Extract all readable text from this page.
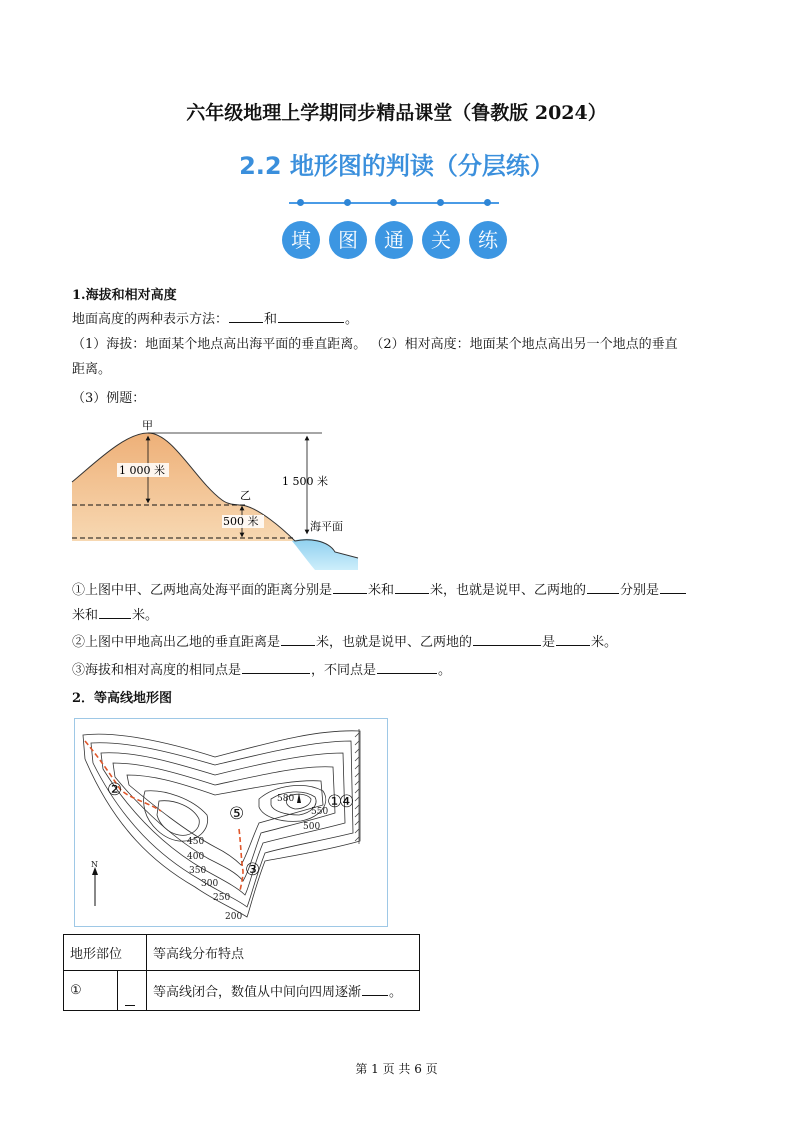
六年级地理上学期同步精品课堂（鲁教版 2024）
2.2 地形图的判读（分层练）
填	图	通	关	练
1.海拔和相对高度
地面高度的两种表示方法：	和	。
（1）海拔：地面某个地点高出海平面的垂直距离。 （2）相对高度：地面某个地点高出另一个地点的垂直
距离。
（3）例题：
1 000 米
甲
乙
500 米
1 500 米
海平面
①上图中甲、乙两地高处海平面的距离分别是	米和	米，也就是说甲、乙两地的	分别是
米和	米。
②上图中甲地高出乙地的垂直距离是	米，也就是说甲、乙两地的	是	米。
③海拔和相对高度的相同点是	，不同点是	。
2．等高线地形图
580
550
500
450
400
350
300
250
200
N
①
②
③
④
⑤
地形部位		等高线分布特点
①		等高线闭合，数值从中间向四周逐渐 。
第 1 页 共 6 页
